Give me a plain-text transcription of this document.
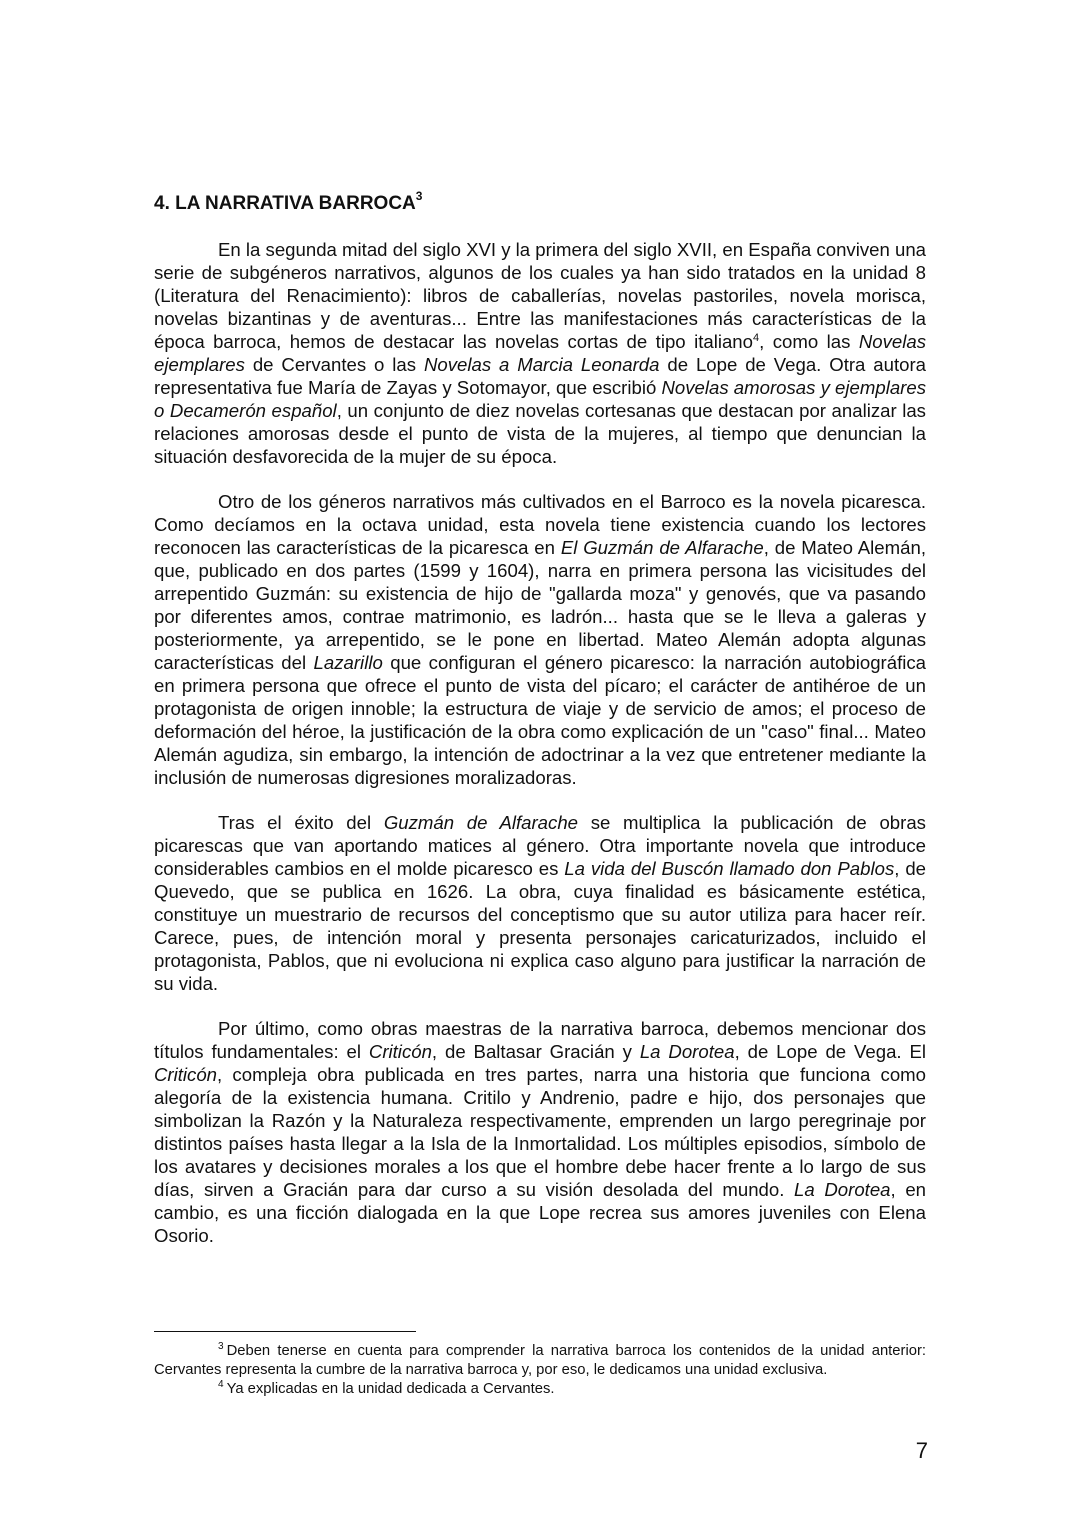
4. LA NARRATIVA BARROCA$^3$

En la segunda mitad del siglo XVI y la primera del siglo XVII, en España conviven una serie de subgéneros narrativos, algunos de los cuales ya han sido tratados en la unidad 8 (Literatura del Renacimiento): libros de caballerías, novelas pastoriles, novela morisca, novelas bizantinas y de aventuras... Entre las manifestaciones más características de la época barroca, hemos de destacar las novelas cortas de tipo italiano$^4$, como las Novelas ejemplares de Cervantes o las Novelas a Marcia Leonarda de Lope de Vega. Otra autora representativa fue María de Zayas y Sotomayor, que escribió Novelas amorosas y ejemplares o Decamerón español, un conjunto de diez novelas cortesanas que destacan por analizar las relaciones amorosas desde el punto de vista de la mujeres, al tiempo que denuncian la situación desfavorecida de la mujer de su época.

Otro de los géneros narrativos más cultivados en el Barroco es la novela picaresca. Como decíamos en la octava unidad, esta novela tiene existencia cuando los lectores reconocen las características de la picaresca en El Guzmán de Alfarache, de Mateo Alemán, que, publicado en dos partes (1599 y 1604), narra en primera persona las vicisitudes del arrepentido Guzmán: su existencia de hijo de "gallarda moza" y genovés, que va pasando por diferentes amos, contrae matrimonio, es ladrón... hasta que se le lleva a galeras y posteriormente, ya arrepentido, se le pone en libertad. Mateo Alemán adopta algunas características del Lazarillo que configuran el género picaresco: la narración autobiográfica en primera persona que ofrece el punto de vista del pícaro; el carácter de antihéroe de un protagonista de origen innoble; la estructura de viaje y de servicio de amos; el proceso de deformación del héroe, la justificación de la obra como explicación de un "caso" final... Mateo Alemán agudiza, sin embargo, la intención de adoctrinar a la vez que entretener mediante la inclusión de numerosas digresiones moralizadoras.

Tras el éxito del Guzmán de Alfarache se multiplica la publicación de obras picarescas que van aportando matices al género. Otra importante novela que introduce considerables cambios en el molde picaresco es La vida del Buscón llamado don Pablos, de Quevedo, que se publica en 1626. La obra, cuya finalidad es básicamente estética, constituye un muestrario de recursos del conceptismo que su autor utiliza para hacer reír. Carece, pues, de intención moral y presenta personajes caricaturizados, incluido el protagonista, Pablos, que ni evoluciona ni explica caso alguno para justificar la narración de su vida.

Por último, como obras maestras de la narrativa barroca, debemos mencionar dos títulos fundamentales: el Criticón, de Baltasar Gracián y La Dorotea, de Lope de Vega. El Criticón, compleja obra publicada en tres partes, narra una historia que funciona como alegoría de la existencia humana. Critilo y Andrenio, padre e hijo, dos personajes que simbolizan la Razón y la Naturaleza respectivamente, emprenden un largo peregrinaje por distintos países hasta llegar a la Isla de la Inmortalidad. Los múltiples episodios, símbolo de los avatares y decisiones morales a los que el hombre debe hacer frente a lo largo de sus días, sirven a Gracián para dar curso a su visión desolada del mundo. La Dorotea, en cambio, es una ficción dialogada en la que Lope recrea sus amores juveniles con Elena Osorio.

$^3$ Deben tenerse en cuenta para comprender la narrativa barroca los contenidos de la unidad anterior: Cervantes representa la cumbre de la narrativa barroca y, por eso, le dedicamos una unidad exclusiva.

$^4$ Ya explicadas en la unidad dedicada a Cervantes.

7
